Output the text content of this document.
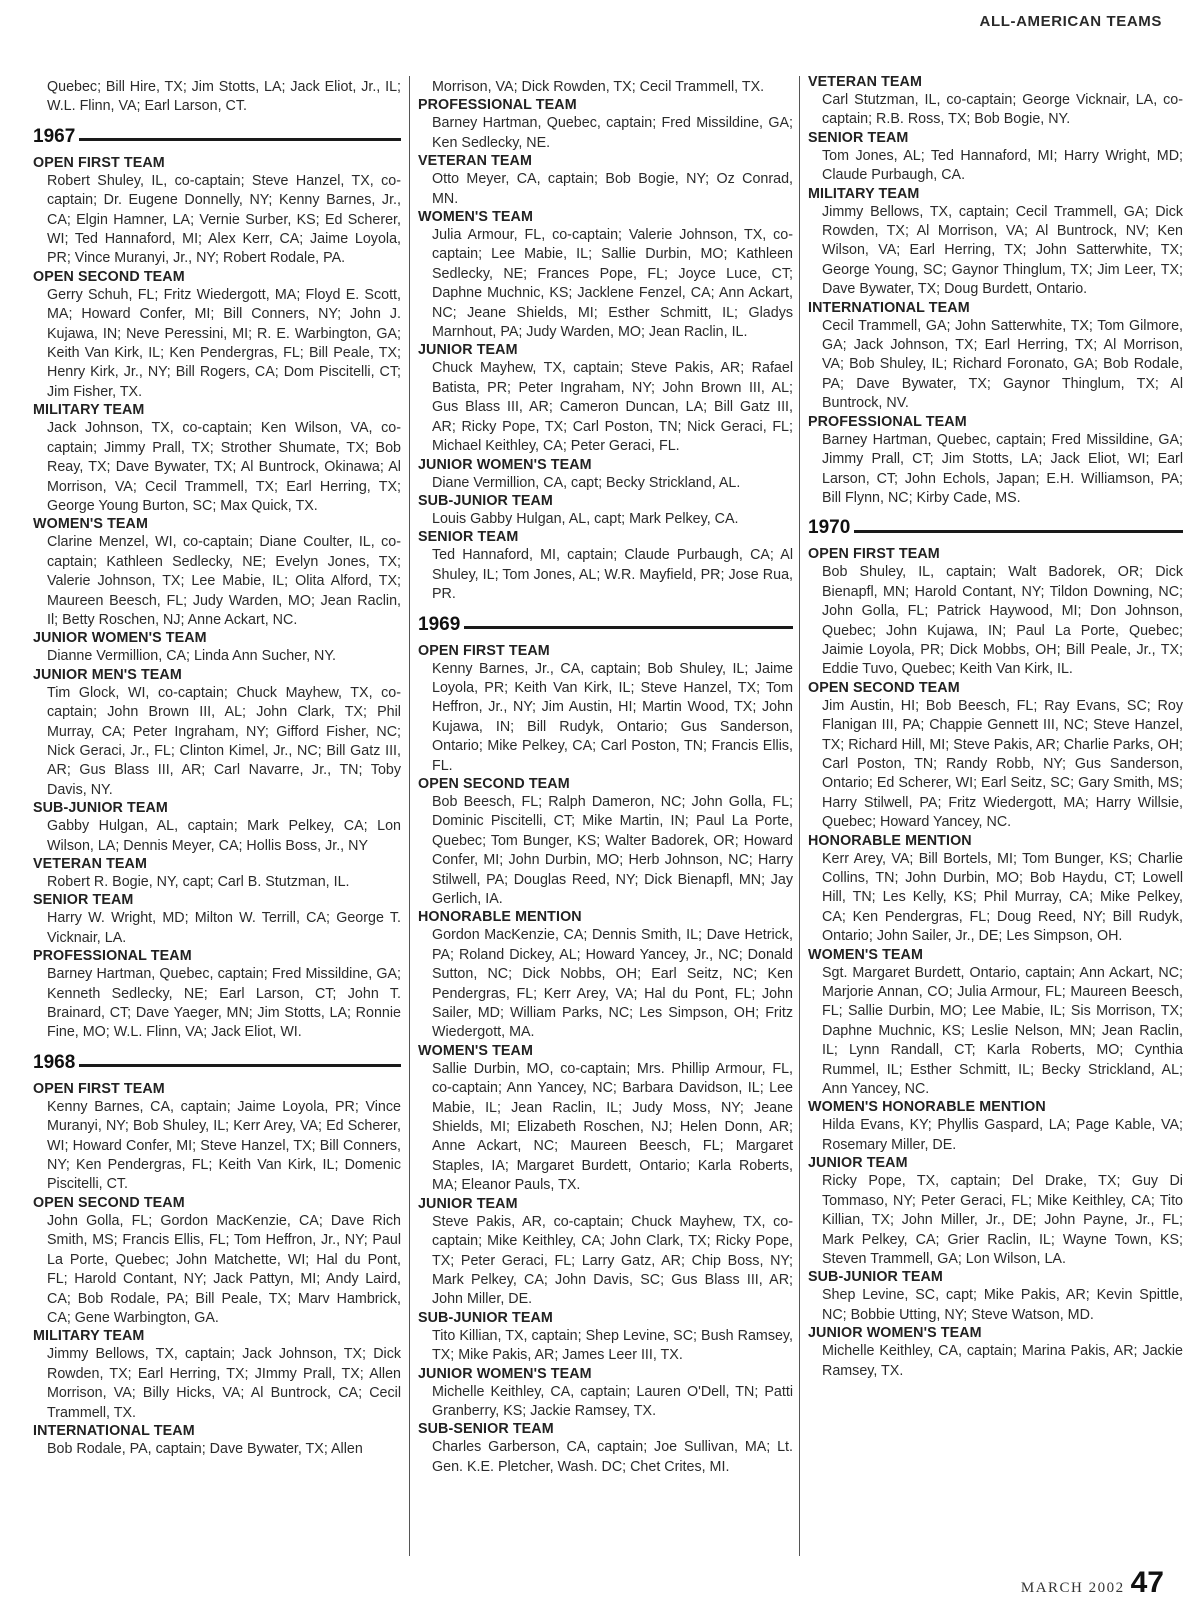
ALL-AMERICAN TEAMS
Quebec; Bill Hire, TX; Jim Stotts, LA; Jack Eliot, Jr., IL; W.L. Flinn, VA; Earl Larson, CT.
1967
OPEN FIRST TEAM
Robert Shuley, IL, co-captain; Steve Hanzel, TX, co-captain; Dr. Eugene Donnelly, NY; Kenny Barnes, Jr., CA; Elgin Hamner, LA; Vernie Surber, KS; Ed Scherer, WI; Ted Hannaford, MI; Alex Kerr, CA; Jaime Loyola, PR; Vince Muranyi, Jr., NY; Robert Rodale, PA.
OPEN SECOND TEAM
Gerry Schuh, FL; Fritz Wiedergott, MA; Floyd E. Scott, MA; Howard Confer, MI; Bill Conners, NY; John J. Kujawa, IN; Neve Peressini, MI; R. E. Warbington, GA; Keith Van Kirk, IL; Ken Pendergras, FL; Bill Peale, TX; Henry Kirk, Jr., NY; Bill Rogers, CA; Dom Piscitelli, CT; Jim Fisher, TX.
MILITARY TEAM
Jack Johnson, TX, co-captain; Ken Wilson, VA, co-captain; Jimmy Prall, TX; Strother Shumate, TX; Bob Reay, TX; Dave Bywater, TX; Al Buntrock, Okinawa; Al Morrison, VA; Cecil Trammell, TX; Earl Herring, TX; George Young Burton, SC; Max Quick, TX.
WOMEN'S TEAM
Clarine Menzel, WI, co-captain; Diane Coulter, IL, co-captain; Kathleen Sedlecky, NE; Evelyn Jones, TX; Valerie Johnson, TX; Lee Mabie, IL; Olita Alford, TX; Maureen Beesch, FL; Judy Warden, MO; Jean Raclin, Il; Betty Roschen, NJ; Anne Ackart, NC.
JUNIOR WOMEN'S TEAM
Dianne Vermillion, CA; Linda Ann Sucher, NY.
JUNIOR MEN'S TEAM
Tim Glock, WI, co-captain; Chuck Mayhew, TX, co-captain; John Brown III, AL; John Clark, TX; Phil Murray, CA; Peter Ingraham, NY; Gifford Fisher, NC; Nick Geraci, Jr., FL; Clinton Kimel, Jr., NC; Bill Gatz III, AR; Gus Blass III, AR; Carl Navarre, Jr., TN; Toby Davis, NY.
SUB-JUNIOR TEAM
Gabby Hulgan, AL, captain; Mark Pelkey, CA; Lon Wilson, LA; Dennis Meyer, CA; Hollis Boss, Jr., NY
VETERAN TEAM
Robert R. Bogie, NY, capt; Carl B. Stutzman, IL.
SENIOR TEAM
Harry W. Wright, MD; Milton W. Terrill, CA; George T. Vicknair, LA.
PROFESSIONAL TEAM
Barney Hartman, Quebec, captain; Fred Missildine, GA; Kenneth Sedlecky, NE; Earl Larson, CT; John T. Brainard, CT; Dave Yaeger, MN; Jim Stotts, LA; Ronnie Fine, MO; W.L. Flinn, VA; Jack Eliot, WI.
1968
OPEN FIRST TEAM
Kenny Barnes, CA, captain; Jaime Loyola, PR; Vince Muranyi, NY; Bob Shuley, IL; Kerr Arey, VA; Ed Scherer, WI; Howard Confer, MI; Steve Hanzel, TX; Bill Conners, NY; Ken Pendergras, FL; Keith Van Kirk, IL; Domenic Piscitelli, CT.
OPEN SECOND TEAM
John Golla, FL; Gordon MacKenzie, CA; Dave Rich Smith, MS; Francis Ellis, FL; Tom Heffron, Jr., NY; Paul La Porte, Quebec; John Matchette, WI; Hal du Pont, FL; Harold Contant, NY; Jack Pattyn, MI; Andy Laird, CA; Bob Rodale, PA; Bill Peale, TX; Marv Hambrick, CA; Gene Warbington, GA.
MILITARY TEAM
Jimmy Bellows, TX, captain; Jack Johnson, TX; Dick Rowden, TX; Earl Herring, TX; JImmy Prall, TX; Allen Morrison, VA; Billy Hicks, VA; Al Buntrock, CA; Cecil Trammell, TX.
INTERNATIONAL TEAM
Bob Rodale, PA, captain; Dave Bywater, TX; Allen
Morrison, VA; Dick Rowden, TX; Cecil Trammell, TX.
PROFESSIONAL TEAM
Barney Hartman, Quebec, captain; Fred Missildine, GA; Ken Sedlecky, NE.
VETERAN TEAM
Otto Meyer, CA, captain; Bob Bogie, NY; Oz Conrad, MN.
WOMEN'S TEAM
Julia Armour, FL, co-captain; Valerie Johnson, TX, co-captain; Lee Mabie, IL; Sallie Durbin, MO; Kathleen Sedlecky, NE; Frances Pope, FL; Joyce Luce, CT; Daphne Muchnic, KS; Jacklene Fenzel, CA; Ann Ackart, NC; Jeane Shields, MI; Esther Schmitt, IL; Gladys Marnhout, PA; Judy Warden, MO; Jean Raclin, IL.
JUNIOR TEAM
Chuck Mayhew, TX, captain; Steve Pakis, AR; Rafael Batista, PR; Peter Ingraham, NY; John Brown III, AL; Gus Blass III, AR; Cameron Duncan, LA; Bill Gatz III, AR; Ricky Pope, TX; Carl Poston, TN; Nick Geraci, FL; Michael Keithley, CA; Peter Geraci, FL.
JUNIOR WOMEN'S TEAM
Diane Vermillion, CA, capt; Becky Strickland, AL.
SUB-JUNIOR TEAM
Louis Gabby Hulgan, AL, capt; Mark Pelkey, CA.
SENIOR TEAM
Ted Hannaford, MI, captain; Claude Purbaugh, CA; Al Shuley, IL; Tom Jones, AL; W.R. Mayfield, PR; Jose Rua, PR.
1969
OPEN FIRST TEAM
Kenny Barnes, Jr., CA, captain; Bob Shuley, IL; Jaime Loyola, PR; Keith Van Kirk, IL; Steve Hanzel, TX; Tom Heffron, Jr., NY; Jim Austin, HI; Martin Wood, TX; John Kujawa, IN; Bill Rudyk, Ontario; Gus Sanderson, Ontario; Mike Pelkey, CA; Carl Poston, TN; Francis Ellis, FL.
OPEN SECOND TEAM
Bob Beesch, FL; Ralph Dameron, NC; John Golla, FL; Dominic Piscitelli, CT; Mike Martin, IN; Paul La Porte, Quebec; Tom Bunger, KS; Walter Badorek, OR; Howard Confer, MI; John Durbin, MO; Herb Johnson, NC; Harry Stilwell, PA; Douglas Reed, NY; Dick Bienapfl, MN; Jay Gerlich, IA.
HONORABLE MENTION
Gordon MacKenzie, CA; Dennis Smith, IL; Dave Hetrick, PA; Roland Dickey, AL; Howard Yancey, Jr., NC; Donald Sutton, NC; Dick Nobbs, OH; Earl Seitz, NC; Ken Pendergras, FL; Kerr Arey, VA; Hal du Pont, FL; John Sailer, MD; William Parks, NC; Les Simpson, OH; Fritz Wiedergott, MA.
WOMEN'S TEAM
Sallie Durbin, MO, co-captain; Mrs. Phillip Armour, FL, co-captain; Ann Yancey, NC; Barbara Davidson, IL; Lee Mabie, IL; Jean Raclin, IL; Judy Moss, NY; Jeane Shields, MI; Elizabeth Roschen, NJ; Helen Donn, AR; Anne Ackart, NC; Maureen Beesch, FL; Margaret Staples, IA; Margaret Burdett, Ontario; Karla Roberts, MA; Eleanor Pauls, TX.
JUNIOR TEAM
Steve Pakis, AR, co-captain; Chuck Mayhew, TX, co-captain; Mike Keithley, CA; John Clark, TX; Ricky Pope, TX; Peter Geraci, FL; Larry Gatz, AR; Chip Boss, NY; Mark Pelkey, CA; John Davis, SC; Gus Blass III, AR; John Miller, DE.
SUB-JUNIOR TEAM
Tito Killian, TX, captain; Shep Levine, SC; Bush Ramsey, TX; Mike Pakis, AR; James Leer III, TX.
JUNIOR WOMEN'S TEAM
Michelle Keithley, CA, captain; Lauren O'Dell, TN; Patti Granberry, KS; Jackie Ramsey, TX.
SUB-SENIOR TEAM
Charles Garberson, CA, captain; Joe Sullivan, MA; Lt. Gen. K.E. Pletcher, Wash. DC; Chet Crites, MI.
VETERAN TEAM
Carl Stutzman, IL, co-captain; George Vicknair, LA, co-captain; R.B. Ross, TX; Bob Bogie, NY.
SENIOR TEAM
Tom Jones, AL; Ted Hannaford, MI; Harry Wright, MD; Claude Purbaugh, CA.
MILITARY TEAM
Jimmy Bellows, TX, captain; Cecil Trammell, GA; Dick Rowden, TX; Al Morrison, VA; Al Buntrock, NV; Ken Wilson, VA; Earl Herring, TX; John Satterwhite, TX; George Young, SC; Gaynor Thinglum, TX; Jim Leer, TX; Dave Bywater, TX; Doug Burdett, Ontario.
INTERNATIONAL TEAM
Cecil Trammell, GA; John Satterwhite, TX; Tom Gilmore, GA; Jack Johnson, TX; Earl Herring, TX; Al Morrison, VA; Bob Shuley, IL; Richard Foronato, GA; Bob Rodale, PA; Dave Bywater, TX; Gaynor Thinglum, TX; Al Buntrock, NV.
PROFESSIONAL TEAM
Barney Hartman, Quebec, captain; Fred Missildine, GA; Jimmy Prall, CT; Jim Stotts, LA; Jack Eliot, WI; Earl Larson, CT; John Echols, Japan; E.H. Williamson, PA; Bill Flynn, NC; Kirby Cade, MS.
1970
OPEN FIRST TEAM
Bob Shuley, IL, captain; Walt Badorek, OR; Dick Bienapfl, MN; Harold Contant, NY; Tildon Downing, NC; John Golla, FL; Patrick Haywood, MI; Don Johnson, Quebec; John Kujawa, IN; Paul La Porte, Quebec; Jaimie Loyola, PR; Dick Mobbs, OH; Bill Peale, Jr., TX; Eddie Tuvo, Quebec; Keith Van Kirk, IL.
OPEN SECOND TEAM
Jim Austin, HI; Bob Beesch, FL; Ray Evans, SC; Roy Flanigan III, PA; Chappie Gennett III, NC; Steve Hanzel, TX; Richard Hill, MI; Steve Pakis, AR; Charlie Parks, OH; Carl Poston, TN; Randy Robb, NY; Gus Sanderson, Ontario; Ed Scherer, WI; Earl Seitz, SC; Gary Smith, MS; Harry Stilwell, PA; Fritz Wiedergott, MA; Harry Willsie, Quebec; Howard Yancey, NC.
HONORABLE MENTION
Kerr Arey, VA; Bill Bortels, MI; Tom Bunger, KS; Charlie Collins, TN; John Durbin, MO; Bob Haydu, CT; Lowell Hill, TN; Les Kelly, KS; Phil Murray, CA; Mike Pelkey, CA; Ken Pendergras, FL; Doug Reed, NY; Bill Rudyk, Ontario; John Sailer, Jr., DE; Les Simpson, OH.
WOMEN'S TEAM
Sgt. Margaret Burdett, Ontario, captain; Ann Ackart, NC; Marjorie Annan, CO; Julia Armour, FL; Maureen Beesch, FL; Sallie Durbin, MO; Lee Mabie, IL; Sis Morrison, TX; Daphne Muchnic, KS; Leslie Nelson, MN; Jean Raclin, IL; Lynn Randall, CT; Karla Roberts, MO; Cynthia Rummel, IL; Esther Schmitt, IL; Becky Strickland, AL; Ann Yancey, NC.
WOMEN'S HONORABLE MENTION
Hilda Evans, KY; Phyllis Gaspard, LA; Page Kable, VA; Rosemary Miller, DE.
JUNIOR TEAM
Ricky Pope, TX, captain; Del Drake, TX; Guy Di Tommaso, NY; Peter Geraci, FL; Mike Keithley, CA; Tito Killian, TX; John Miller, Jr., DE; John Payne, Jr., FL; Mark Pelkey, CA; Grier Raclin, IL; Wayne Town, KS; Steven Trammell, GA; Lon Wilson, LA.
SUB-JUNIOR TEAM
Shep Levine, SC, capt; Mike Pakis, AR; Kevin Spittle, NC; Bobbie Utting, NY; Steve Watson, MD.
JUNIOR WOMEN'S TEAM
Michelle Keithley, CA, captain; Marina Pakis, AR; Jackie Ramsey, TX.
MARCH 2002 47
